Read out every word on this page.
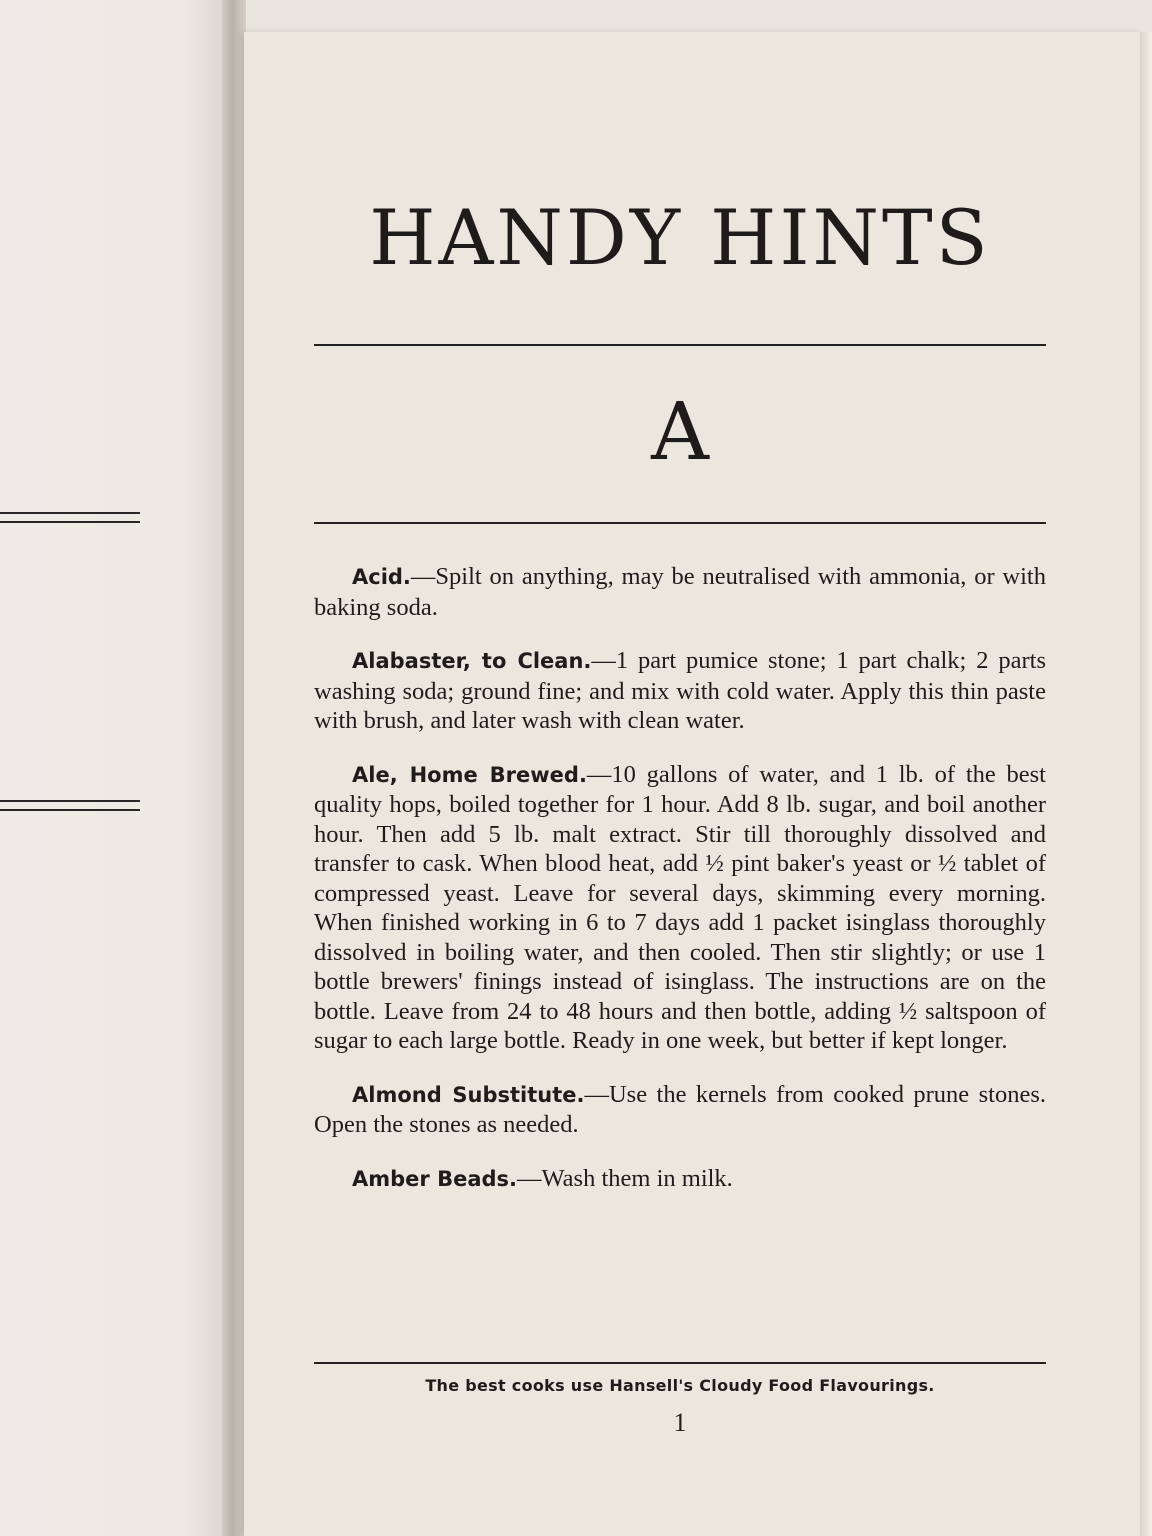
HANDY HINTS
A

Acid.—Spilt on anything, may be neutralised with ammonia, or with baking soda.

Alabaster, to Clean.—1 part pumice stone; 1 part chalk; 2 parts washing soda; ground fine; and mix with cold water. Apply this thin paste with brush, and later wash with clean water.

Ale, Home Brewed.—10 gallons of water, and 1 lb. of the best quality hops, boiled together for 1 hour. Add 8 lb. sugar, and boil another hour. Then add 5 lb. malt extract. Stir till thoroughly dissolved and transfer to cask. When blood heat, add ½ pint baker's yeast or ½ tablet of compressed yeast. Leave for several days, skimming every morning. When finished working in 6 to 7 days add 1 packet isinglass thoroughly dissolved in boiling water, and then cooled. Then stir slightly; or use 1 bottle brewers' finings instead of isinglass. The instructions are on the bottle. Leave from 24 to 48 hours and then bottle, adding ½ saltspoon of sugar to each large bottle. Ready in one week, but better if kept longer.

Almond Substitute.—Use the kernels from cooked prune stones. Open the stones as needed.

Amber Beads.—Wash them in milk.

The best cooks use Hansell's Cloudy Food Flavourings.
1
